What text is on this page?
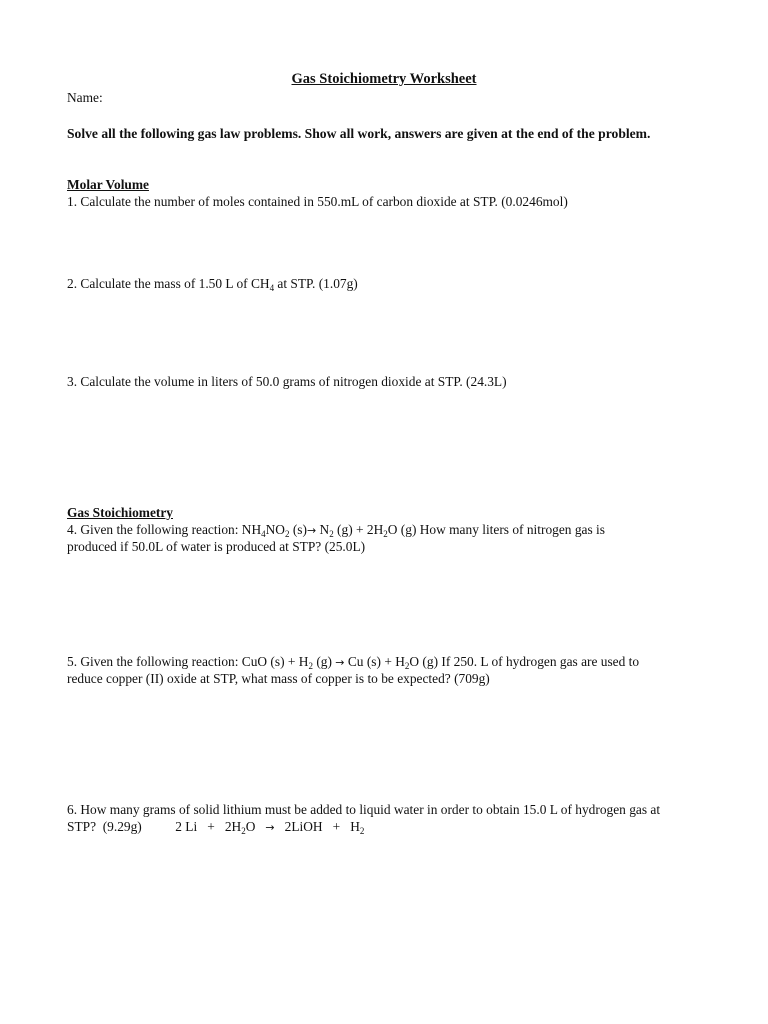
Gas Stoichiometry Worksheet
Name:
Solve all the following gas law problems. Show all work, answers are given at the end of the problem.
Molar Volume
1. Calculate the number of moles contained in 550.mL of carbon dioxide at STP. (0.0246mol)
2. Calculate the mass of 1.50 L of $CH_4$ at STP. (1.07g)
3. Calculate the volume in liters of 50.0 grams of nitrogen dioxide at STP. (24.3L)
Gas Stoichiometry
4. Given the following reaction: $NH_4NO_2$ $(s)\to N_2$ $(g) + 2H_2O$ (g) How many liters of nitrogen gas is
produced if 50.0L of water is produced at STP? (25.0L)
5. Given the following reaction: CuO $(s) + H_2$ (g) → Cu $(s) + H_2O$ (g) If 250. L of hydrogen gas are used to
reduce copper (II) oxide at STP, what mass of copper is to be expected? (709g)
6. How many grams of solid lithium must be added to liquid water in order to obtain 15.0 L of hydrogen gas at
STP?  (9.29g)          2 $Li + 2H_2O$   →   2LiOH   +   $H_2$
